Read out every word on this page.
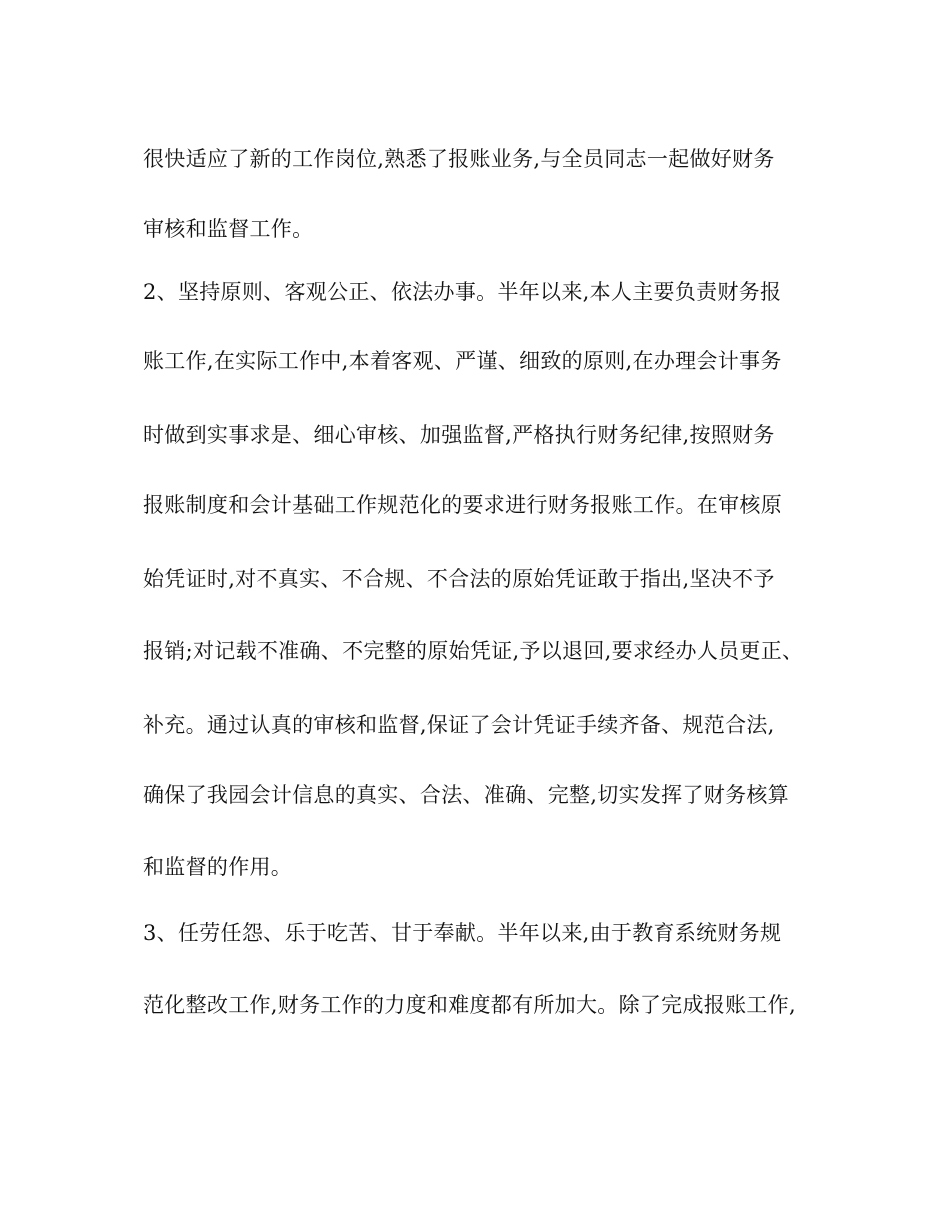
很快适应了新的工作岗位,熟悉了报账业务,与全员同志一起做好财务

审核和监督工作。

2、坚持原则、客观公正、依法办事。半年以来,本人主要负责财务报

账工作,在实际工作中,本着客观、严谨、细致的原则,在办理会计事务

时做到实事求是、细心审核、加强监督,严格执行财务纪律,按照财务

报账制度和会计基础工作规范化的要求进行财务报账工作。在审核原

始凭证时,对不真实、不合规、不合法的原始凭证敢于指出,坚决不予

报销;对记载不准确、不完整的原始凭证,予以退回,要求经办人员更正、

补充。通过认真的审核和监督,保证了会计凭证手续齐备、规范合法,

确保了我园会计信息的真实、合法、准确、完整,切实发挥了财务核算

和监督的作用。

3、任劳任怨、乐于吃苦、甘于奉献。半年以来,由于教育系统财务规

范化整改工作,财务工作的力度和难度都有所加大。除了完成报账工作,
